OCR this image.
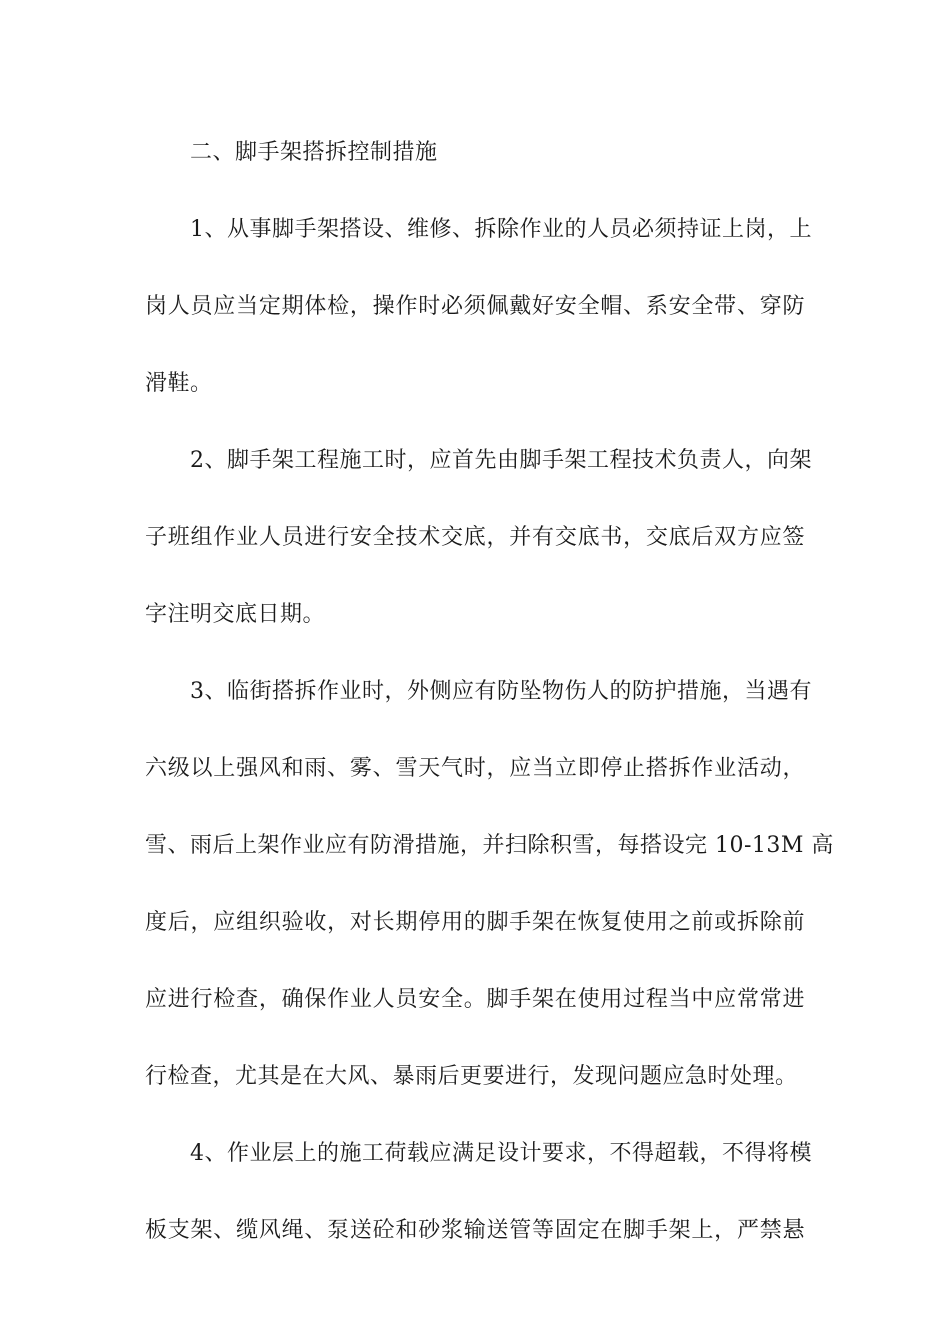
二、脚手架搭拆控制措施

1、从事脚手架搭设、维修、拆除作业的人员必须持证上岗，上

岗人员应当定期体检，操作时必须佩戴好安全帽、系安全带、穿防

滑鞋。

2、脚手架工程施工时，应首先由脚手架工程技术负责人，向架

子班组作业人员进行安全技术交底，并有交底书，交底后双方应签

字注明交底日期。

3、临街搭拆作业时，外侧应有防坠物伤人的防护措施，当遇有

六级以上强风和雨、雾、雪天气时，应当立即停止搭拆作业活动，

雪、雨后上架作业应有防滑措施，并扫除积雪，每搭设完 10-13M 高

度后，应组织验收，对长期停用的脚手架在恢复使用之前或拆除前

应进行检查，确保作业人员安全。脚手架在使用过程当中应常常进

行检查，尤其是在大风、暴雨后更要进行，发现问题应急时处理。

4、作业层上的施工荷载应满足设计要求，不得超载，不得将模

板支架、缆风绳、泵送砼和砂浆输送管等固定在脚手架上，严禁悬
